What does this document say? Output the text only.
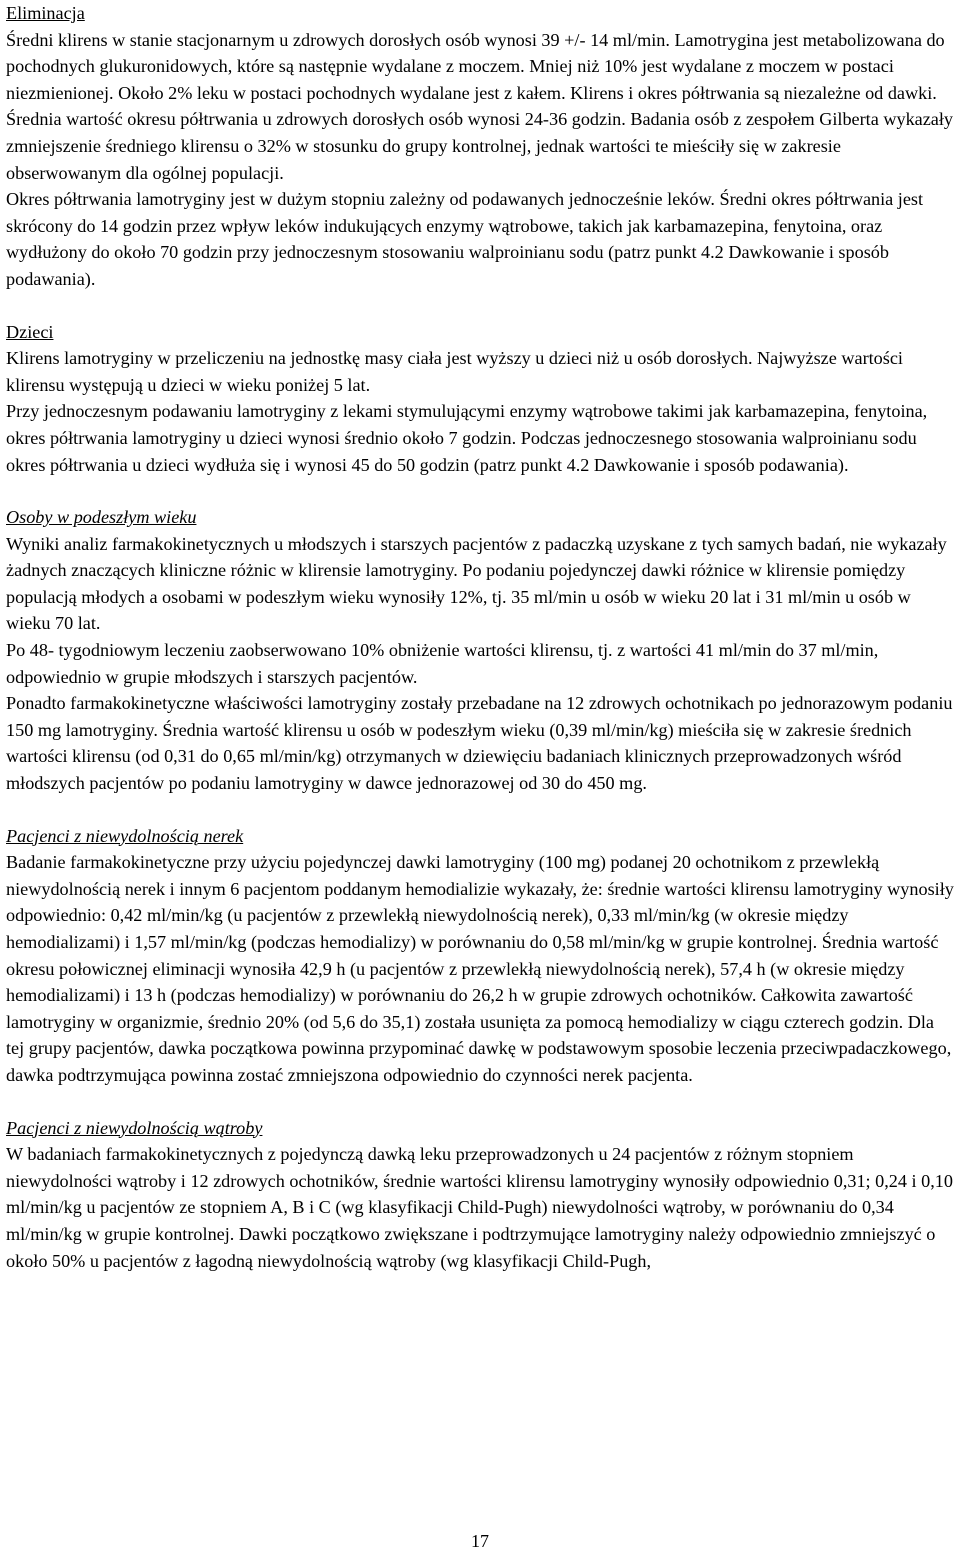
Eliminacja
Średni klirens w stanie stacjonarnym u zdrowych dorosłych osób wynosi 39 +/- 14 ml/min. Lamotrygina jest metabolizowana do pochodnych glukuronidowych, które są następnie wydalane z moczem. Mniej niż 10% jest wydalane z moczem w postaci niezmienionej. Około 2% leku w postaci pochodnych wydalane jest z kałem. Klirens i okres półtrwania są niezależne od dawki. Średnia wartość okresu półtrwania u zdrowych dorosłych osób wynosi 24-36 godzin. Badania osób z zespołem Gilberta wykazały zmniejszenie średniego klirensu o 32% w stosunku do grupy kontrolnej, jednak wartości te mieściły się w zakresie obserwowanym dla ogólnej populacji.
Okres półtrwania lamotryginy jest w dużym stopniu zależny od podawanych jednocześnie leków. Średni okres półtrwania jest skrócony do 14 godzin przez wpływ leków indukujących enzymy wątrobowe, takich jak karbamazepina, fenytoina, oraz wydłużony do około 70 godzin przy jednoczesnym stosowaniu walproinianu sodu (patrz punkt 4.2 Dawkowanie i sposób podawania).
Dzieci
Klirens lamotryginy w przeliczeniu na jednostkę masy ciała jest wyższy u dzieci niż u osób dorosłych. Najwyższe wartości klirensu występują u dzieci w wieku poniżej 5 lat.
Przy jednoczesnym podawaniu lamotryginy z lekami stymulującymi enzymy wątrobowe takimi jak karbamazepina, fenytoina, okres półtrwania lamotryginy u dzieci wynosi średnio około 7 godzin. Podczas jednoczesnego stosowania walproinianu sodu okres półtrwania u dzieci wydłuża się i wynosi 45 do 50 godzin (patrz punkt 4.2 Dawkowanie i sposób podawania).
Osoby w podeszłym wieku
Wyniki analiz farmakokinetycznych u młodszych i starszych pacjentów z padaczką uzyskane z tych samych badań, nie wykazały żadnych znaczących kliniczne różnic w klirensie lamotryginy. Po podaniu pojedynczej dawki różnice w klirensie pomiędzy populacją młodych a osobami w podeszłym wieku wynosiły 12%, tj. 35 ml/min u osób w wieku 20 lat i 31 ml/min u osób w wieku 70 lat.
Po 48- tygodniowym leczeniu zaobserwowano 10% obniżenie wartości klirensu, tj. z wartości 41 ml/min do 37 ml/min, odpowiednio w grupie młodszych i starszych pacjentów.
Ponadto farmakokinetyczne właściwości lamotryginy zostały przebadane na 12 zdrowych ochotnikach po jednorazowym podaniu 150 mg lamotryginy. Średnia wartość klirensu u osób w podeszłym wieku (0,39 ml/min/kg) mieściła się w zakresie średnich wartości klirensu (od 0,31 do 0,65 ml/min/kg) otrzymanych w dziewięciu badaniach klinicznych przeprowadzonych wśród młodszych pacjentów po podaniu lamotryginy w dawce jednorazowej od 30 do 450 mg.
Pacjenci z niewydolnością nerek
Badanie farmakokinetyczne przy użyciu pojedynczej dawki lamotryginy (100 mg) podanej 20 ochotnikom z przewlekłą niewydolnością nerek i innym 6 pacjentom poddanym hemodializie wykazały, że: średnie wartości klirensu lamotryginy wynosiły odpowiednio: 0,42 ml/min/kg (u pacjentów z przewlekłą niewydolnością nerek), 0,33 ml/min/kg (w okresie między hemodializami) i 1,57 ml/min/kg (podczas hemodializy) w porównaniu do 0,58 ml/min/kg w grupie kontrolnej. Średnia wartość okresu połowicznej eliminacji wynosiła 42,9 h (u pacjentów z przewlekłą niewydolnością nerek), 57,4 h (w okresie między hemodializami) i 13 h (podczas hemodializy) w porównaniu do 26,2 h w grupie zdrowych ochotników. Całkowita zawartość lamotryginy w organizmie, średnio 20% (od 5,6 do 35,1) została usunięta za pomocą hemodializy w ciągu czterech godzin. Dla tej grupy pacjentów, dawka początkowa powinna przypominać dawkę w podstawowym sposobie leczenia przeciwpadaczkowego, dawka podtrzymująca powinna zostać zmniejszona odpowiednio do czynności nerek pacjenta.
Pacjenci z niewydolnością wątroby
W badaniach farmakokinetycznych z pojedynczą dawką leku przeprowadzonych u 24 pacjentów z różnym stopniem niewydolności wątroby i 12 zdrowych ochotników, średnie wartości klirensu lamotryginy wynosiły odpowiednio 0,31; 0,24 i 0,10 ml/min/kg u pacjentów ze stopniem A, B i C (wg klasyfikacji Child-Pugh) niewydolności wątroby, w porównaniu do 0,34 ml/min/kg w grupie kontrolnej. Dawki początkowo zwiększane i podtrzymujące lamotryginy należy odpowiednio zmniejszyć o około 50% u pacjentów z łagodną niewydolnością wątroby (wg klasyfikacji Child-Pugh,
17
